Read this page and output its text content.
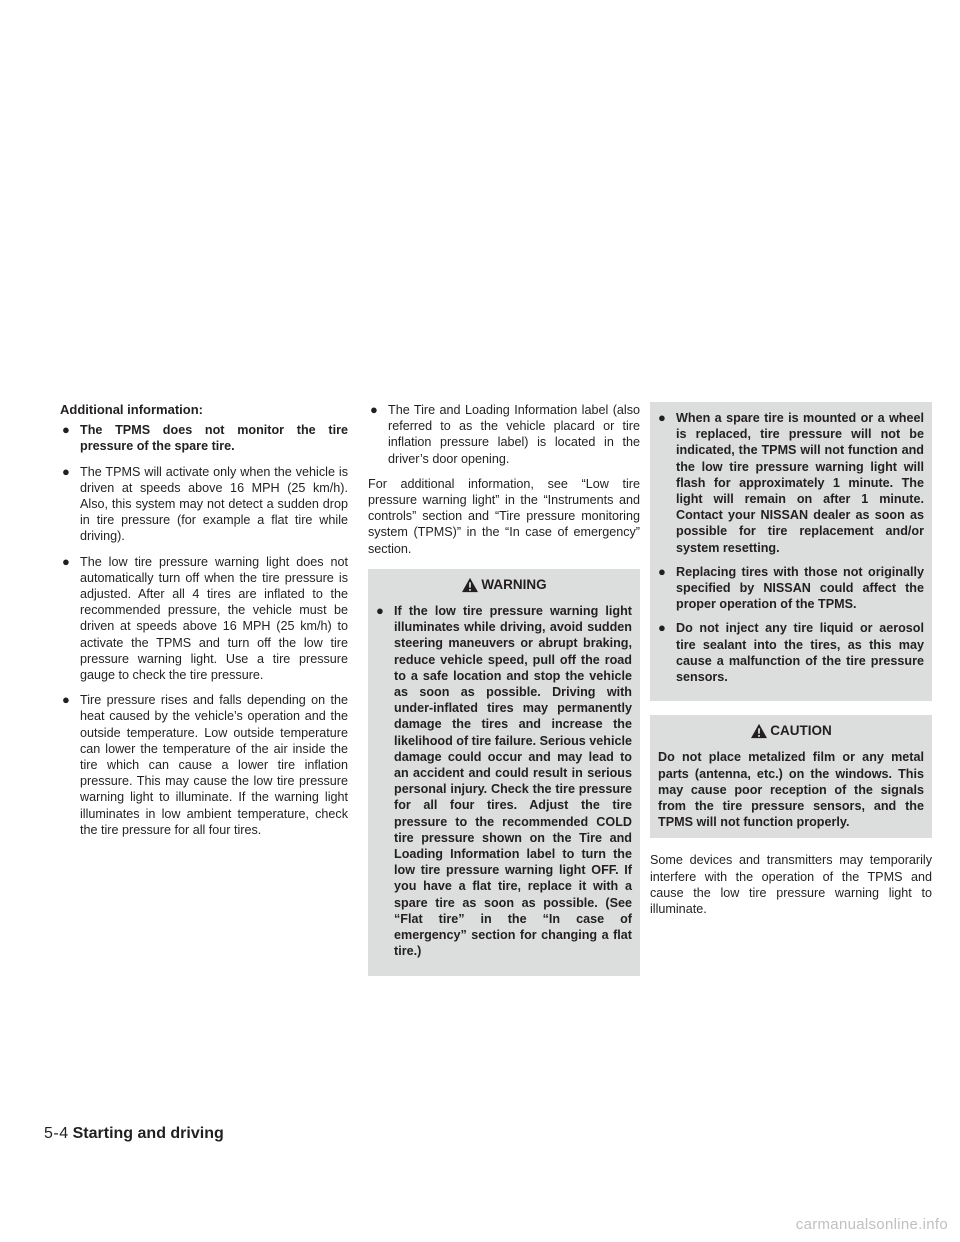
Additional information:
● The TPMS does not monitor the tire pressure of the spare tire.
● The TPMS will activate only when the vehicle is driven at speeds above 16 MPH (25 km/h). Also, this system may not detect a sudden drop in tire pressure (for example a flat tire while driving).
● The low tire pressure warning light does not automatically turn off when the tire pressure is adjusted. After all 4 tires are inflated to the recommended pressure, the vehicle must be driven at speeds above 16 MPH (25 km/h) to activate the TPMS and turn off the low tire pressure warning light. Use a tire pressure gauge to check the tire pressure.
● Tire pressure rises and falls depending on the heat caused by the vehicle’s operation and the outside temperature. Low outside temperature can lower the temperature of the air inside the tire which can cause a lower tire inflation pressure. This may cause the low tire pressure warning light to illuminate. If the warning light illuminates in low ambient temperature, check the tire pressure for all four tires.
● The Tire and Loading Information label (also referred to as the vehicle placard or tire inflation pressure label) is located in the driver’s door opening.

For additional information, see “Low tire pressure warning light” in the “Instruments and controls” section and “Tire pressure monitoring system (TPMS)” in the “In case of emergency” section.

WARNING
● If the low tire pressure warning light illuminates while driving, avoid sudden steering maneuvers or abrupt braking, reduce vehicle speed, pull off the road to a safe location and stop the vehicle as soon as possible. Driving with under-inflated tires may permanently damage the tires and increase the likelihood of tire failure. Serious vehicle damage could occur and may lead to an accident and could result in serious personal injury. Check the tire pressure for all four tires. Adjust the tire pressure to the recommended COLD tire pressure shown on the Tire and Loading Information label to turn the low tire pressure warning light OFF. If you have a flat tire, replace it with a spare tire as soon as possible. (See “Flat tire” in the “In case of emergency” section for changing a flat tire.)
● When a spare tire is mounted or a wheel is replaced, tire pressure will not be indicated, the TPMS will not function and the low tire pressure warning light will flash for approximately 1 minute. The light will remain on after 1 minute. Contact your NISSAN dealer as soon as possible for tire replacement and/or system resetting.
● Replacing tires with those not originally specified by NISSAN could affect the proper operation of the TPMS.
● Do not inject any tire liquid or aerosol tire sealant into the tires, as this may cause a malfunction of the tire pressure sensors.
CAUTION

Do not place metalized film or any metal parts (antenna, etc.) on the windows. This may cause poor reception of the signals from the tire pressure sensors, and the TPMS will not function properly.

Some devices and transmitters may temporarily interfere with the operation of the TPMS and cause the low tire pressure warning light to illuminate.

5-4 Starting and driving
carmanualsonline.info
